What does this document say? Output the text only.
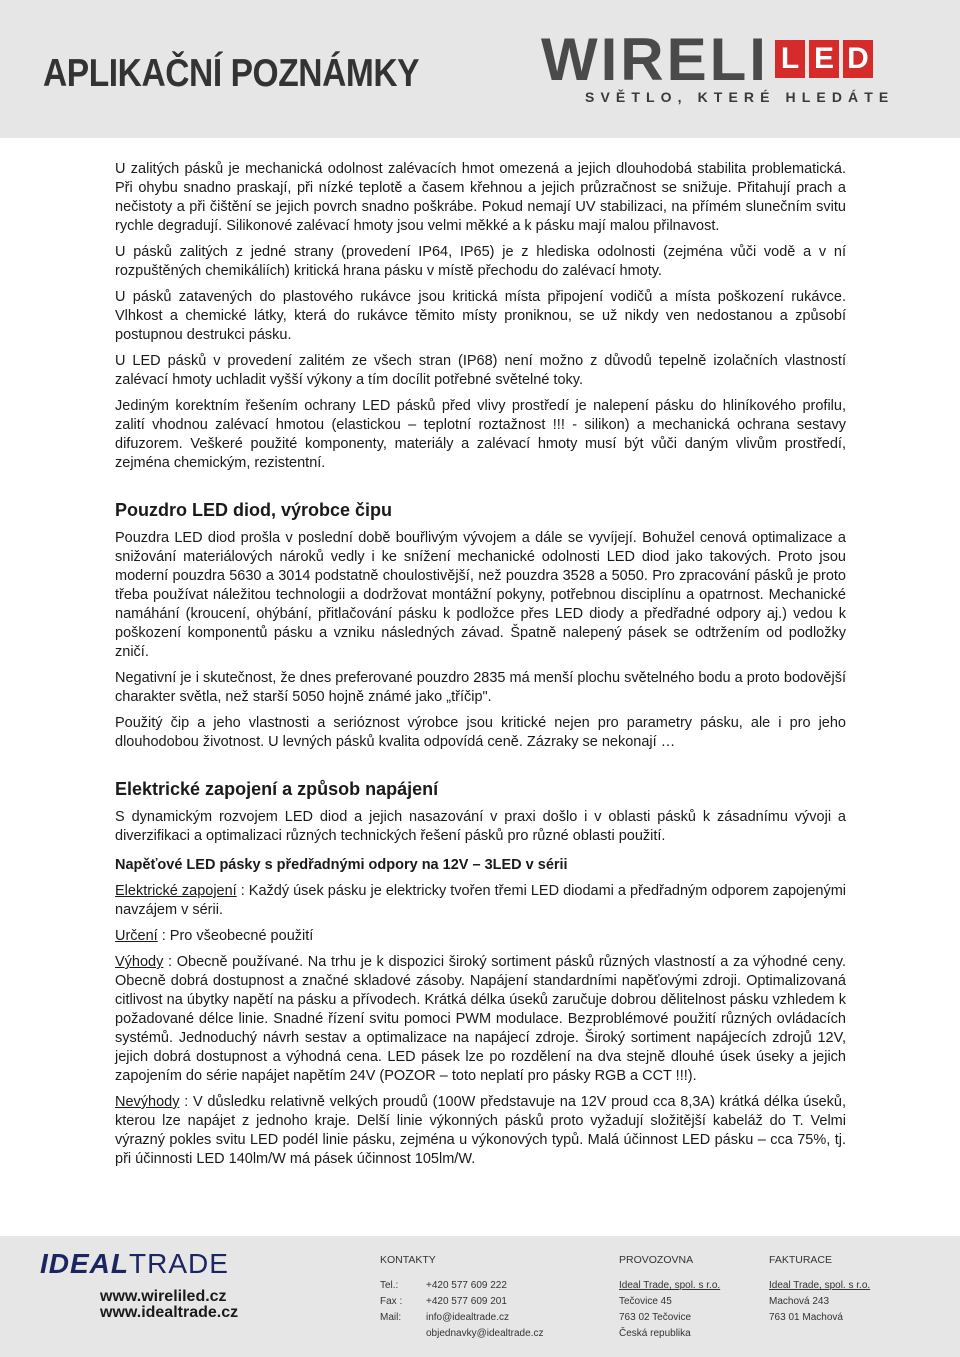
APLIKAČNÍ POZNÁMKY WIRELI L E D
SVĚTLO, KTERÉ HLEDÁTE

U zalitých pásků je mechanická odolnost zalévacích hmot omezená a jejich dlouhodobá stabilita problematická. Při ohybu snadno praskají, při nízké teplotě a časem křehnou a jejich průzračnost se snižuje. Přitahují prach a nečistoty a při čištění se jejich povrch snadno poškrábe. Pokud nemají UV stabilizaci, na přímém slunečním svitu rychle degradují. Silikonové zalévací hmoty jsou velmi měkké a k pásku mají malou přilnavost.

U pásků zalitých z jedné strany (provedení IP64, IP65) je z hlediska odolnosti (zejména vůči vodě a v ní rozpuštěných chemikáliích) kritická hrana pásku v místě přechodu do zalévací hmoty.

U pásků zatavených do plastového rukávce jsou kritická místa připojení vodičů a místa poškození rukávce. Vlhkost a chemické látky, která do rukávce těmito místy proniknou, se už nikdy ven nedostanou a způsobí postupnou destrukci pásku.

U LED pásků v provedení zalitém ze všech stran (IP68) není možno z důvodů tepelně izolačních vlastností zalévací hmoty uchladit vyšší výkony a tím docílit potřebné světelné toky.

Jediným korektním řešením ochrany LED pásků před vlivy prostředí je nalepení pásku do hliníkového profilu, zalití vhodnou zalévací hmotou (elastickou – teplotní roztažnost !!! - silikon) a mechanická ochrana sestavy difuzorem. Veškeré použité komponenty, materiály a zalévací hmoty musí být vůči daným vlivům prostředí, zejména chemickým, rezistentní.

Pouzdro LED diod, výrobce čipu

Pouzdra LED diod prošla v poslední době bouřlivým vývojem a dále se vyvíjejí. Bohužel cenová optimalizace a snižování materiálových nároků vedly i ke snížení mechanické odolnosti LED diod jako takových. Proto jsou moderní pouzdra 5630 a 3014 podstatně choulostivější, než pouzdra 3528 a 5050. Pro zpracování pásků je proto třeba používat náležitou technologii a dodržovat montážní pokyny, potřebnou disciplínu a opatrnost. Mechanické namáhání (kroucení, ohýbání, přitlačování pásku k podložce přes LED diody a předřadné odpory aj.) vedou k poškození komponentů pásku a vzniku následných závad. Špatně nalepený pásek se odtržením od podložky zničí.

Negativní je i skutečnost, že dnes preferované pouzdro 2835 má menší plochu světelného bodu a proto bodovější charakter světla, než starší 5050 hojně známé jako „tříčip".

Použitý čip a jeho vlastnosti a serióznost výrobce jsou kritické nejen pro parametry pásku, ale i pro jeho dlouhodobou životnost. U levných pásků kvalita odpovídá ceně. Zázraky se nekonají …

Elektrické zapojení a způsob napájení

S dynamickým rozvojem LED diod a jejich nasazování v praxi došlo i v oblasti pásků k zásadnímu vývoji a diverzifikaci a optimalizaci různých technických řešení pásků pro různé oblasti použití.

Napěťové LED pásky s předřadnými odpory na 12V – 3LED v sérii

Elektrické zapojení : Každý úsek pásku je elektricky tvořen třemi LED diodami a předřadným odporem zapojenými navzájem v sérii.

Určení : Pro všeobecné použití

Výhody : Obecně používané. Na trhu je k dispozici široký sortiment pásků různých vlastností a za výhodné ceny. Obecně dobrá dostupnost a značné skladové zásoby. Napájení standardními napěťovými zdroji. Optimalizovaná citlivost na úbytky napětí na pásku a přívodech. Krátká délka úseků zaručuje dobrou dělitelnost pásku vzhledem k požadované délce linie. Snadné řízení svitu pomoci PWM modulace. Bezproblémové použití různých ovládacích systémů. Jednoduchý návrh sestav a optimalizace na napájecí zdroje. Široký sortiment napájecích zdrojů 12V, jejich dobrá dostupnost a výhodná cena. LED pásek lze po rozdělení na dva stejně dlouhé úsek úseky a jejich zapojením do série napájet napětím 24V (POZOR – toto neplatí pro pásky RGB a CCT !!!).

Nevýhody : V důsledku relativně velkých proudů (100W představuje na 12V proud cca 8,3A) krátká délka úseků, kterou lze napájet z jednoho kraje. Delší linie výkonných pásků proto vyžadují složitější kabeláž do T. Velmi výrazný pokles svitu LED podél linie pásku, zejména u výkonových typů. Malá účinnost LED pásku – cca 75%, tj. při účinnosti LED 140lm/W má pásek účinnost 105lm/W.

IDEALTRADE
www.wireliled.cz
www.idealtrade.cz
KONTAKTY
Tel.:	+420 577 609 222
Fax : +420 577 609 201
Mail: info@idealtrade.cz
objednavky@idealtrade.cz
PROVOZOVNA
Ideal Trade, spol. s r.o.
Tečovice 45
763 02 Tečovice
Česká republika
FAKTURACE
Ideal Trade, spol. s r.o.
Machová 243
763 01 Machová
